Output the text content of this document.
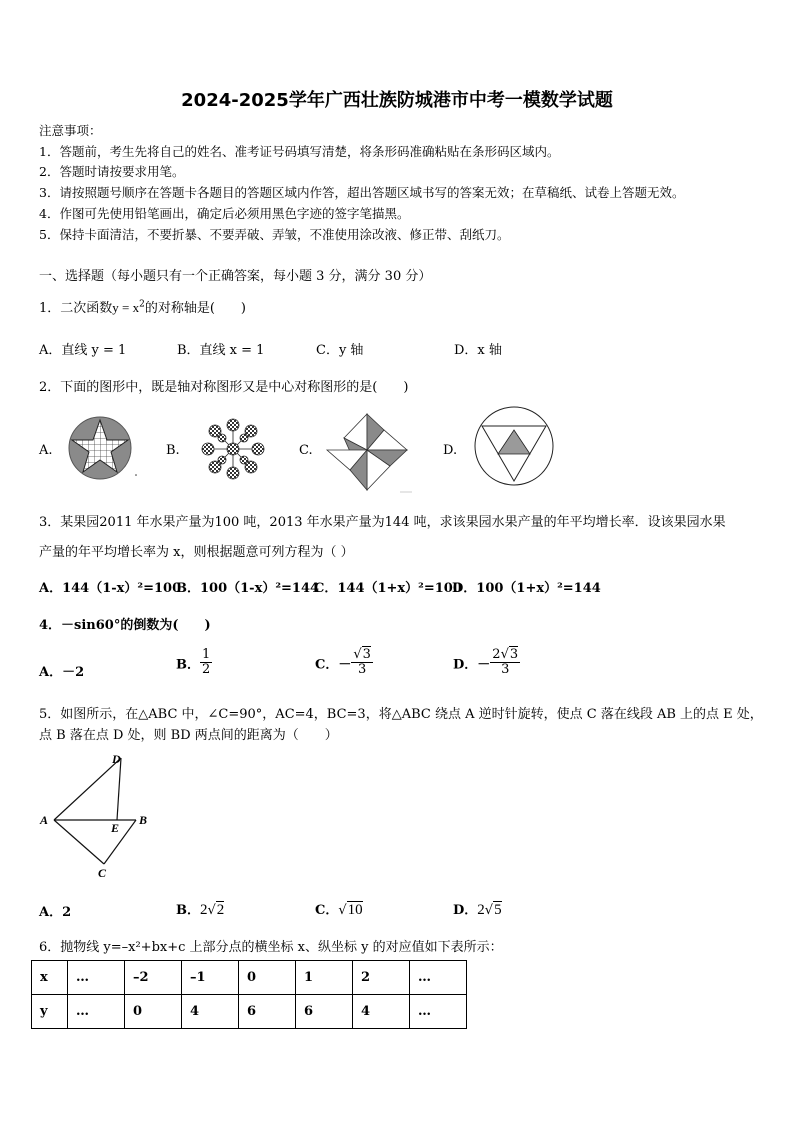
2024-2025学年广西壮族防城港市中考一模数学试题
注意事项：
1．答题前，考生先将自己的姓名、准考证号码填写清楚，将条形码准确粘贴在条形码区域内。
2．答题时请按要求用笔。
3．请按照题号顺序在答题卡各题目的答题区域内作答，超出答题区域书写的答案无效；在草稿纸、试卷上答题无效。
4．作图可先使用铅笔画出，确定后必须用黑色字迹的签字笔描黑。
5．保持卡面清洁，不要折暴、不要弄破、弄皱，不准使用涂改液、修正带、刮纸刀。
一、选择题（每小题只有一个正确答案，每小题 3 分，满分 30 分）
1．二次函数$y = x^2$的对称轴是(　　)
A．直线 y = 1	B．直线 x = 1	C．y 轴	D．x 轴
2．下面的图形中，既是轴对称图形又是中心对称图形的是(　　)
A.	B.	C.	D.
3．某果园2011 年水果产量为100 吨，2013 年水果产量为144 吨，求该果园水果产量的年平均增长率．设该果园水果
产量的年平均增长率为 x，则根据题意可列方程为（ ）
A．144（1-x）²=100
B．100（1-x）²=144
C．144（1+x）²=100
D．100（1+x）²=144
4．－sin60°的倒数为(　　)
A．－2
B． $\frac{1}{2}$	C．－ $\frac{√3}{3}$	D．－ $\frac{2√3}{3}$
5．如图所示，在△ABC 中，∠C=90°，AC=4，BC=3，将△ABC 绕点 A 逆时针旋转，使点 C 落在线段 AB 上的点 E 处，
点 B 落在点 D 处，则 BD 两点间的距离为（　　）
D
A
E
B
C
A．2	B．2√2	C．√10	D．2√5
6．抛物线 y=–x²+bx+c 上部分点的横坐标 x、纵坐标 y 的对应值如下表所示：
x	…	–2	–1	0	1	2	…
y	…	0	4	6	6	4	…
